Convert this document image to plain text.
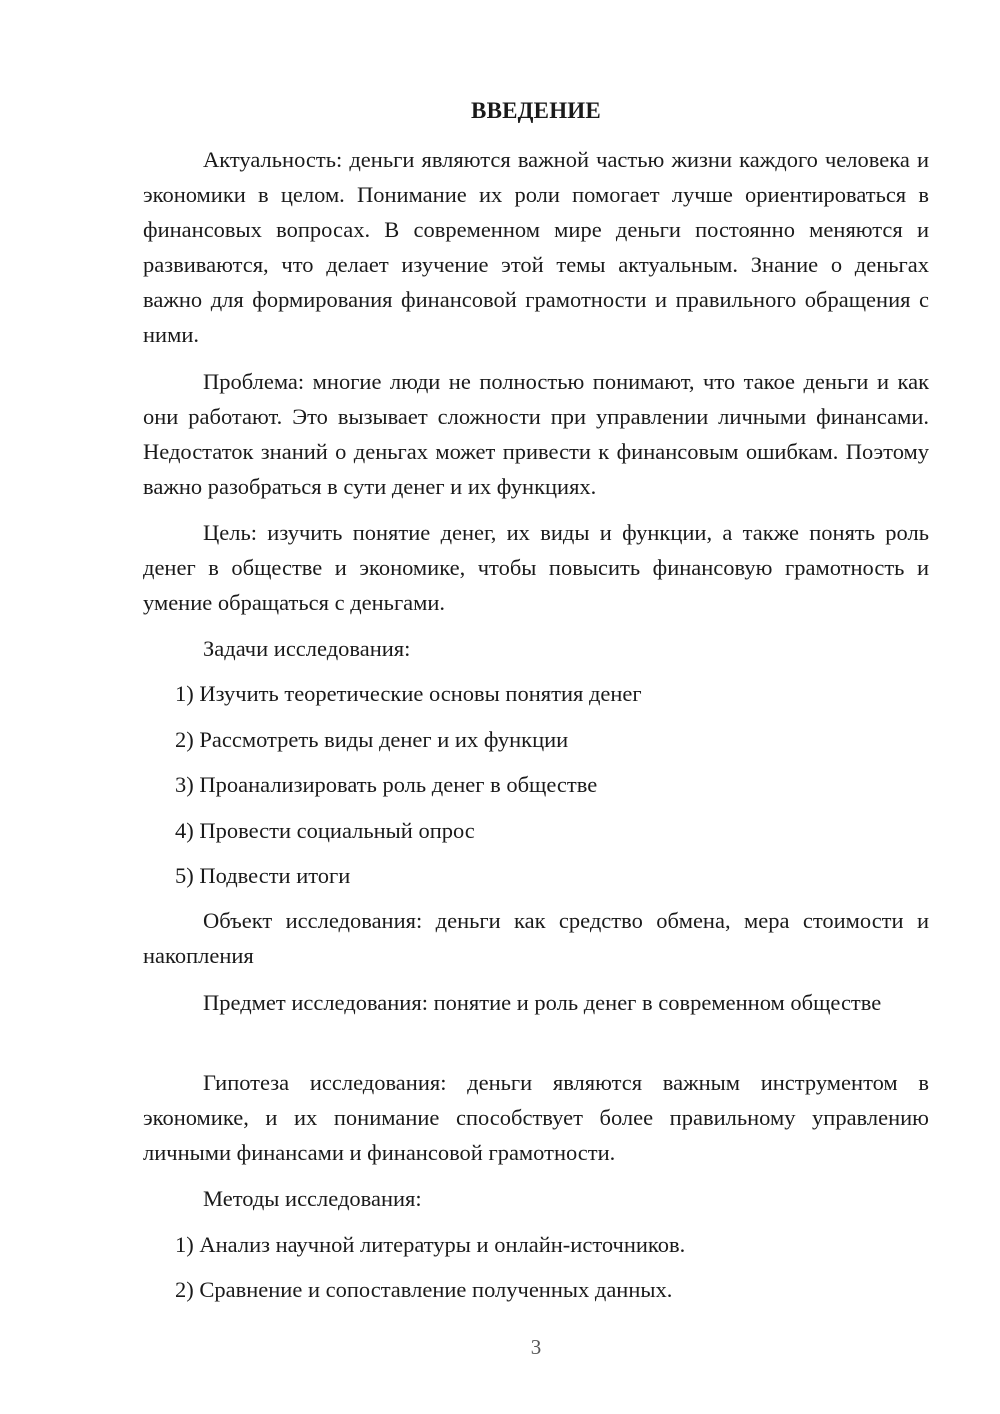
ВВЕДЕНИЕ

Актуальность: деньги являются важной частью жизни каждого человека и экономики в целом. Понимание их роли помогает лучше ориентироваться в финансовых вопросах. В современном мире деньги постоянно меняются и развиваются, что делает изучение этой темы актуальным. Знание о деньгах важно для формирования финансовой грамотности и правильного обращения с ними.

Проблема: многие люди не полностью понимают, что такое деньги и как они работают. Это вызывает сложности при управлении личными финансами. Недостаток знаний о деньгах может привести к финансовым ошибкам. Поэтому важно разобраться в сути денег и их функциях.

Цель: изучить понятие денег, их виды и функции, а также понять роль денег в обществе и экономике, чтобы повысить финансовую грамотность и умение обращаться с деньгами.

Задачи исследования:

1) Изучить теоретические основы понятия денег

2) Рассмотреть виды денег и их функции

3) Проанализировать роль денег в обществе

4) Провести социальный опрос

5) Подвести итоги

Объект исследования: деньги как средство обмена, мера стоимости и накопления

Предмет исследования: понятие и роль денег в современном обществе

Гипотеза исследования: деньги являются важным инструментом в экономике, и их понимание способствует более правильному управлению личными финансами и финансовой грамотности.

Методы исследования:

1) Анализ научной литературы и онлайн-источников.

2) Сравнение и сопоставление полученных данных.

3
